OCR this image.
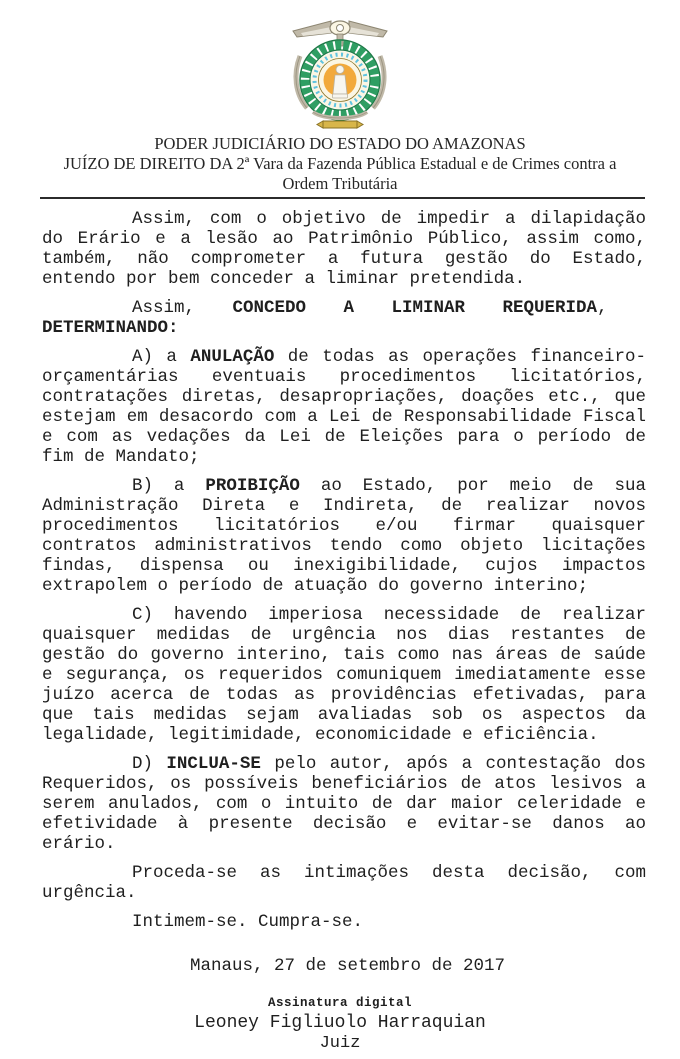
PODER JUDICIÁRIO DO ESTADO DO AMAZONAS
JUÍZO DE DIREITO DA 2ª Vara da Fazenda Pública Estadual e de Crimes contra a
Ordem Tributária

Assim, com o objetivo de impedir a dilapidação do Erário e a lesão ao Patrimônio Público, assim como, também, não comprometer a futura gestão do Estado, entendo por bem conceder a liminar pretendida.

Assim, CONCEDO A LIMINAR REQUERIDA,
DETERMINANDO:

A) a ANULAÇÃO de todas as operações financeiro-orçamentárias eventuais procedimentos licitatórios, contratações diretas, desapropriações, doações etc., que estejam em desacordo com a Lei de Responsabilidade Fiscal e com as vedações da Lei de Eleições para o período de fim de Mandato;

B) a PROIBIÇÃO ao Estado, por meio de sua Administração Direta e Indireta, de realizar novos procedimentos licitatórios e/ou firmar quaisquer contratos administrativos tendo como objeto licitações findas, dispensa ou inexigibilidade, cujos impactos extrapolem o período de atuação do governo interino;

C) havendo imperiosa necessidade de realizar quaisquer medidas de urgência nos dias restantes de gestão do governo interino, tais como nas áreas de saúde e segurança, os requeridos comuniquem imediatamente esse juízo acerca de todas as providências efetivadas, para que tais medidas sejam avaliadas sob os aspectos da legalidade, legitimidade, economicidade e eficiência.

D) INCLUA-SE pelo autor, após a contestação dos Requeridos, os possíveis beneficiários de atos lesivos a serem anulados, com o intuito de dar maior celeridade e efetividade à presente decisão e evitar-se danos ao erário.

Proceda-se as intimações desta decisão, com urgência.

Intimem-se. Cumpra-se.

Manaus, 27 de setembro de 2017
Assinatura digital
Leoney Figliuolo Harraquian
Juiz
